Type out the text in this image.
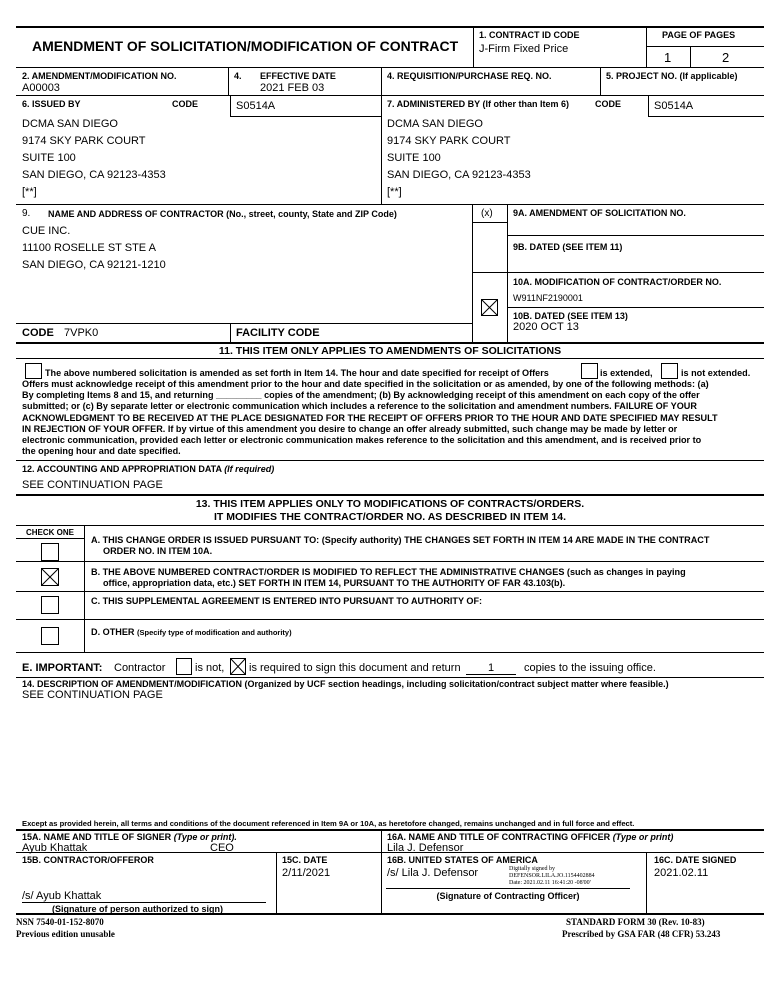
AMENDMENT OF SOLICITATION/MODIFICATION OF CONTRACT
1. CONTRACT ID CODE
J-Firm Fixed Price
PAGE OF PAGES
1	2
2. AMENDMENT/MODIFICATION NO.
A00003
4. EFFECTIVE DATE
2021 FEB 03
4. REQUISITION/PURCHASE REQ. NO.	5. PROJECT NO. (If applicable)
6. ISSUED BY	CODE	S0514A
DCMA SAN DIEGO
9174 SKY PARK COURT
SUITE 100
SAN DIEGO, CA 92123-4353
[**]
7. ADMINISTERED BY (If other than Item 6)	CODE	S0514A
DCMA SAN DIEGO
9174 SKY PARK COURT
SUITE 100
SAN DIEGO, CA 92123-4353
[**]
9. NAME AND ADDRESS OF CONTRACTOR (No., street, county, State and ZIP Code)
CUE INC.
11100 ROSELLE ST STE A
SAN DIEGO, CA 92121-1210
CODE 7VPK0	FACILITY CODE
(x) 9A. AMENDMENT OF SOLICITATION NO.
9B. DATED (SEE ITEM 11)
10A. MODIFICATION OF CONTRACT/ORDER NO.
W911NF2190001
10B. DATED (SEE ITEM 13)
2020 OCT 13
11. THIS ITEM ONLY APPLIES TO AMENDMENTS OF SOLICITATIONS
The above numbered solicitation is amended as set forth in Item 14. The hour and date specified for receipt of Offers	is extended,	is not extended.
Offers must acknowledge receipt of this amendment prior to the hour and date specified in the solicitation or as amended, by one of the following methods: (a)
By completing Items 8 and 15, and returning _________ copies of the amendment; (b) By acknowledging receipt of this amendment on each copy of the offer
submitted; or (c) By separate letter or electronic communication which includes a reference to the solicitation and amendment numbers. FAILURE OF YOUR
ACKNOWLEDGMENT TO BE RECEIVED AT THE PLACE DESIGNATED FOR THE RECEIPT OF OFFERS PRIOR TO THE HOUR AND DATE SPECIFIED MAY RESULT
IN REJECTION OF YOUR OFFER. If by virtue of this amendment you desire to change an offer already submitted, such change may be made by letter or
electronic communication, provided each letter or electronic communication makes reference to the solicitation and this amendment, and is received prior to
the opening hour and date specified.
12. ACCOUNTING AND APPROPRIATION DATA (If required)
SEE CONTINUATION PAGE
13. THIS ITEM APPLIES ONLY TO MODIFICATIONS OF CONTRACTS/ORDERS.
IT MODIFIES THE CONTRACT/ORDER NO. AS DESCRIBED IN ITEM 14.
CHECK ONE
A. THIS CHANGE ORDER IS ISSUED PURSUANT TO: (Specify authority) THE CHANGES SET FORTH IN ITEM 14 ARE MADE IN THE CONTRACT
ORDER NO. IN ITEM 10A.
B. THE ABOVE NUMBERED CONTRACT/ORDER IS MODIFIED TO REFLECT THE ADMINISTRATIVE CHANGES (such as changes in paying
office, appropriation data, etc.) SET FORTH IN ITEM 14, PURSUANT TO THE AUTHORITY OF FAR 43.103(b).
C. THIS SUPPLEMENTAL AGREEMENT IS ENTERED INTO PURSUANT TO AUTHORITY OF:
D. OTHER (Specify type of modification and authority)
E. IMPORTANT: Contractor	is not, is required to sign this document and return	1	copies to the issuing office.
14. DESCRIPTION OF AMENDMENT/MODIFICATION (Organized by UCF section headings, including solicitation/contract subject matter where feasible.)
SEE CONTINUATION PAGE
Except as provided herein, all terms and conditions of the document referenced in Item 9A or 10A, as heretofore changed, remains unchanged and in full force and effect.
15A. NAME AND TITLE OF SIGNER (Type or print).
Ayub Khattak	CEO
15B. CONTRACTOR/OFFEROR
/s/ Ayub Khattak
(Signature of person authorized to sign)
15C. DATE
2/11/2021
16A. NAME AND TITLE OF CONTRACTING OFFICER (Type or print)
Lila J. Defensor
16B. UNITED STATES OF AMERICA
/s/ Lila J. Defensor	Digitally signed by
DEFENSOR.LILA.JO.1154402884
Date: 2021.02.11 16:41:20 -08'00'
(Signature of Contracting Officer)
16C. DATE SIGNED
2021.02.11
NSN 7540-01-152-8070
Previous edition unusable
STANDARD FORM 30 (Rev. 10-83)
Prescribed by GSA FAR (48 CFR) 53.243
